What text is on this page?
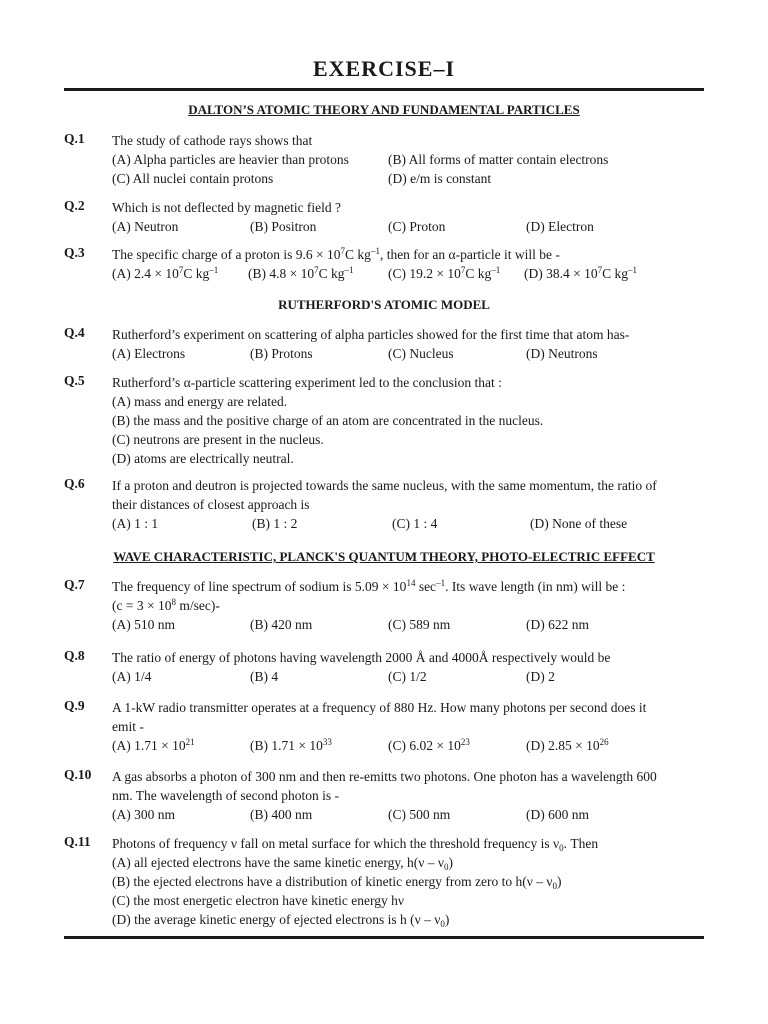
EXERCISE–I
DALTON’S ATOMIC THEORY AND FUNDAMENTAL PARTICLES
Q.1 The study of cathode rays shows that
(A) Alpha particles are heavier than protons	(B) All forms of matter contain electrons
(C) All nuclei contain protons	(D) e/m is constant
Q.2 Which is not deflected by magnetic field ?
(A) Neutron	(B) Positron	(C) Proton	(D) Electron
Q.3 The specific charge of a proton is $9.6 \times 10^7C$ $kg^{-1}$, then for an α-particle it will be -
(A) $2.4 \times 10^7C$ $kg^{-1}$ (B) $4.8 \times 10^7C$ $kg^{-1}$	(C) $19.2 \times 10^7C$ $kg^{-1}$ (D) $38.4 \times 10^7C$ $kg^{-1}$
RUTHERFORD'S ATOMIC MODEL
Q.4 Rutherford’s experiment on scattering of alpha particles showed for the first time that atom has-
(A) Electrons	(B) Protons	(C) Nucleus	(D) Neutrons
Q.5 Rutherford’s α-particle scattering experiment led to the conclusion that :
(A) mass and energy are related.
(B) the mass and the positive charge of an atom are concentrated in the nucleus.
(C) neutrons are present in the nucleus.
(D) atoms are electrically neutral.
Q.6 If a proton and deutron is projected towards the same nucleus, with the same momentum, the ratio of
their distances of closest approach is
(A) 1 : 1	(B) 1 : 2	(C) 1 : 4	(D) None of these
WAVE CHARACTERISTIC, PLANCK'S QUANTUM THEORY, PHOTO-ELECTRIC EFFECT
Q.7 The frequency of line spectrum of sodium is $5.09 \times 10^{14}$ $\sec^{-1}$. Its wave length (in nm) will be :
($c = 3 \times 10^8$ m/sec)-
(A) 510 nm	(B) 420 nm	(C) 589 nm	(D) 622 nm
Q.8 The ratio of energy of photons having wavelength 2000 Å and 4000Å respectively would be
(A) 1/4	(B) 4	(C) 1/2	(D) 2
Q.9 A 1-kW radio transmitter operates at a frequency of 880 Hz. How many photons per second does it
emit -
(A) $1.71 \times 10^{21}$	(B) $1.71 \times 10^{33}$	(C) $6.02 \times 10^{23}$	(D) $2.85 \times 10^{26}$
Q.10 A gas absorbs a photon of 300 nm and then re-emitts two photons. One photon has a wavelength 600
nm. The wavelength of second photon is -
(A) 300 nm	(B) 400 nm	(C) 500 nm	(D) 600 nm
Q.11 Photons of frequency ν fall on metal surface for which the threshold frequency is $\nu_0$. Then
(A) all ejected electrons have the same kinetic energy, $h(\nu - \nu_0)$
(B) the ejected electrons have a distribution of kinetic energy from zero to $h(\nu - \nu_0)$
(C) the most energetic electron have kinetic energy hν
(D) the average kinetic energy of ejected electrons is h $(\nu - \nu_0)$
